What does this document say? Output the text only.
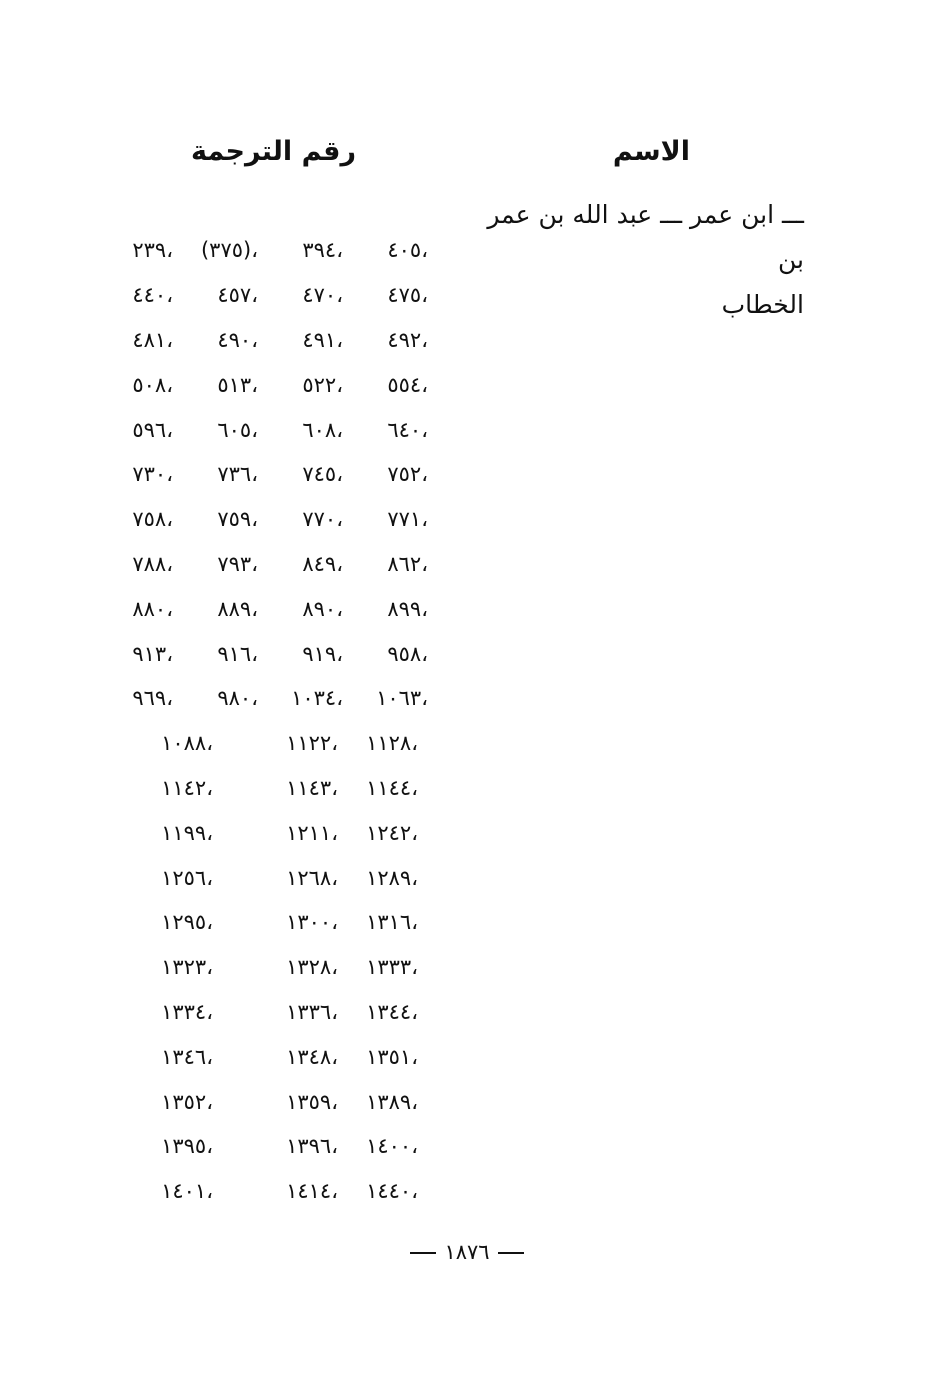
الاسم
رقم الترجمة
ـــ ابن عمر ـــ عبد الله بن عمر بن
الخطاب
٢٣٩،	(٣٧٥)،	٣٩٤،	٤٠٥،
٤٤٠،	٤٥٧،	٤٧٠،	٤٧٥،
٤٨١،	٤٩٠،	٤٩١،	٤٩٢،
٥٠٨،	٥١٣،	٥٢٢،	٥٥٤،
٥٩٦،	٦٠٥،	٦٠٨،	٦٤٠،
٧٣٠،	٧٣٦،	٧٤٥،	٧٥٢،
٧٥٨،	٧٥٩،	٧٧٠،	٧٧١،
٧٨٨،	٧٩٣،	٨٤٩،	٨٦٢،
٨٨٠،	٨٨٩،	٨٩٠،	٨٩٩،
٩١٣،	٩١٦،	٩١٩،	٩٥٨،
٩٦٩،	٩٨٠،	١٠٣٤،	١٠٦٣،
١٠٨٨،	١١٢٢،	١١٢٨،
١١٤٢،	١١٤٣،	١١٤٤،
١١٩٩،	١٢١١،	١٢٤٢،
١٢٥٦،	١٢٦٨،	١٢٨٩،
١٢٩٥،	١٣٠٠،	١٣١٦،
١٣٢٣،	١٣٢٨،	١٣٣٣،
١٣٣٤،	١٣٣٦،	١٣٤٤،
١٣٤٦،	١٣٤٨،	١٣٥١،
١٣٥٢،	١٣٥٩،	١٣٨٩،
١٣٩٥،	١٣٩٦،	١٤٠٠،
١٤٠١،	١٤١٤،	١٤٤٠،
١٨٧٦
